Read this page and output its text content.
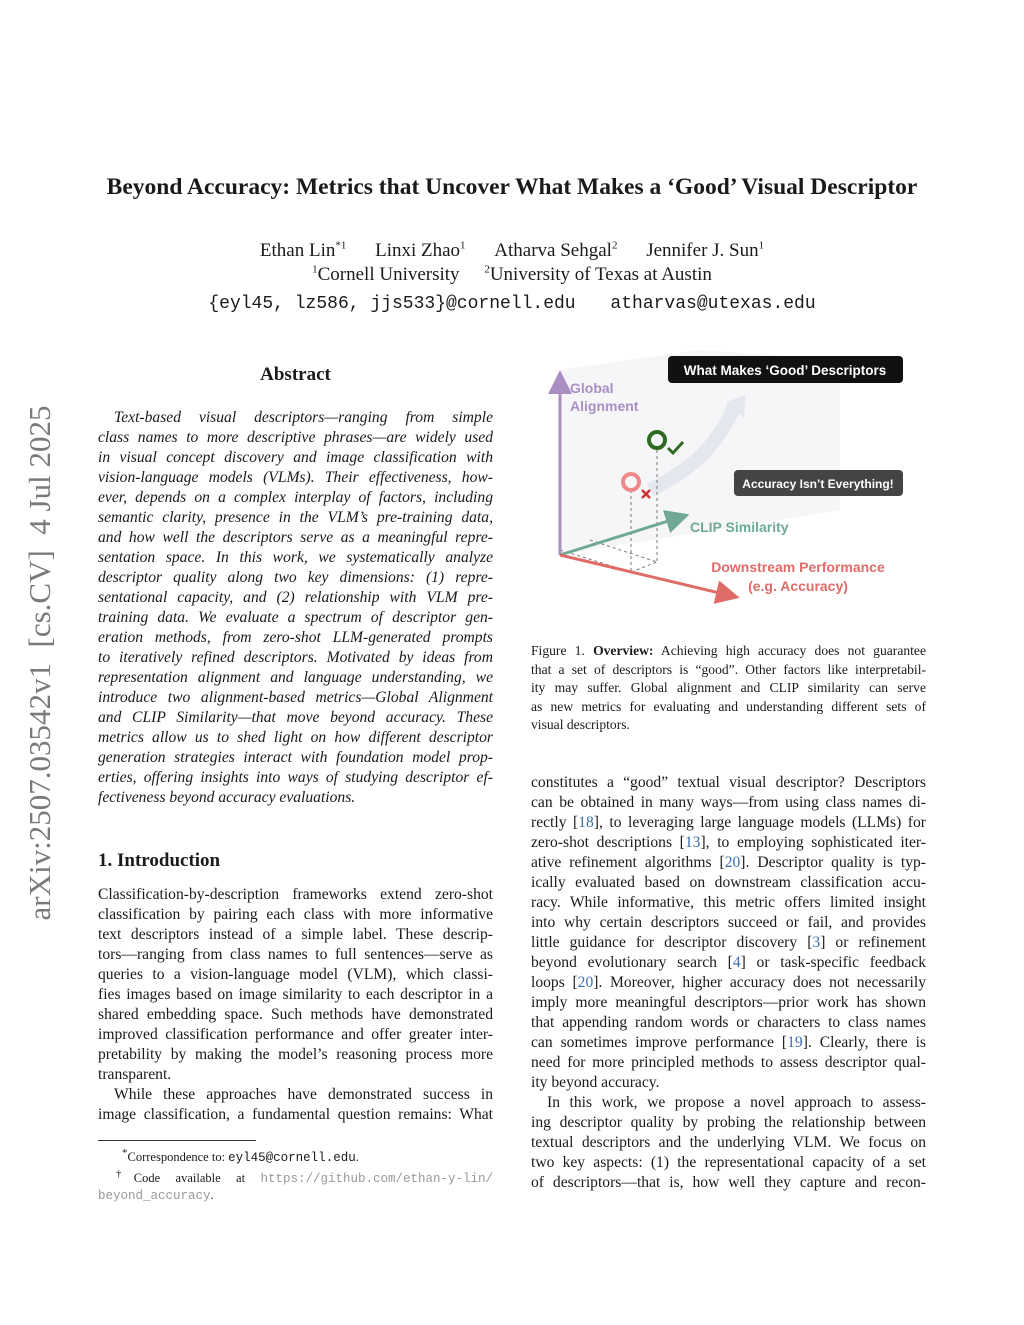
arXiv:2507.03542v1  [cs.CV]  4 Jul 2025
Beyond Accuracy: Metrics that Uncover What Makes a ‘Good’ Visual Descriptor
Ethan Lin$^{*1}$ Linxi Zhao$^1$ Atharva Sehgal$^2$ Jennifer J. Sun$^1$
$^1$Cornell University $^2$University of Texas at Austin
{eyl45, lz586, jjs533}@cornell.edu atharvas@utexas.edu
Abstract
Text-based visual descriptors—ranging from simple
class names to more descriptive phrases—are widely used
in visual concept discovery and image classification with
vision-language models (VLMs). Their effectiveness, how-
ever, depends on a complex interplay of factors, including
semantic clarity, presence in the VLM’s pre-training data,
and how well the descriptors serve as a meaningful repre-
sentation space. In this work, we systematically analyze
descriptor quality along two key dimensions: (1) repre-
sentational capacity, and (2) relationship with VLM pre-
training data. We evaluate a spectrum of descriptor gen-
eration methods, from zero-shot LLM-generated prompts
to iteratively refined descriptors. Motivated by ideas from
representation alignment and language understanding, we
introduce two alignment-based metrics—Global Alignment
and CLIP Similarity—that move beyond accuracy. These
metrics allow us to shed light on how different descriptor
generation strategies interact with foundation model prop-
erties, offering insights into ways of studying descriptor ef-
fectiveness beyond accuracy evaluations.
1. Introduction
Classification-by-description frameworks extend zero-shot
classification by pairing each class with more informative
text descriptors instead of a simple label. These descrip-
tors—ranging from class names to full sentences—serve as
queries to a vision-language model (VLM), which classi-
fies images based on image similarity to each descriptor in a
shared embedding space. Such methods have demonstrated
improved classification performance and offer greater inter-
pretability by making the model’s reasoning process more
transparent.
While these approaches have demonstrated success in
image classification, a fundamental question remains: What
*Correspondence to: eyl45@cornell.edu.
†Code available at https://github.com/ethan-y-lin/
beyond_accuracy.
Global
Alignment
CLIP Similarity
Downstream Performance
(e.g. Accuracy)
What Makes ‘Good’ Descriptors
Accuracy Isn’t Everything!
Figure 1. Overview: Achieving high accuracy does not guarantee
that a set of descriptors is “good”. Other factors like interpretabil-
ity may suffer. Global alignment and CLIP similarity can serve
as new metrics for evaluating and understanding different sets of
visual descriptors.
constitutes a “good” textual visual descriptor? Descriptors
can be obtained in many ways—from using class names di-
rectly [18], to leveraging large language models (LLMs) for
zero-shot descriptions [13], to employing sophisticated iter-
ative refinement algorithms [20]. Descriptor quality is typ-
ically evaluated based on downstream classification accu-
racy. While informative, this metric offers limited insight
into why certain descriptors succeed or fail, and provides
little guidance for descriptor discovery [3] or refinement
beyond evolutionary search [4] or task-specific feedback
loops [20]. Moreover, higher accuracy does not necessarily
imply more meaningful descriptors—prior work has shown
that appending random words or characters to class names
can sometimes improve performance [19]. Clearly, there is
need for more principled methods to assess descriptor qual-
ity beyond accuracy.
In this work, we propose a novel approach to assess-
ing descriptor quality by probing the relationship between
textual descriptors and the underlying VLM. We focus on
two key aspects: (1) the representational capacity of a set
of descriptors—that is, how well they capture and recon-
